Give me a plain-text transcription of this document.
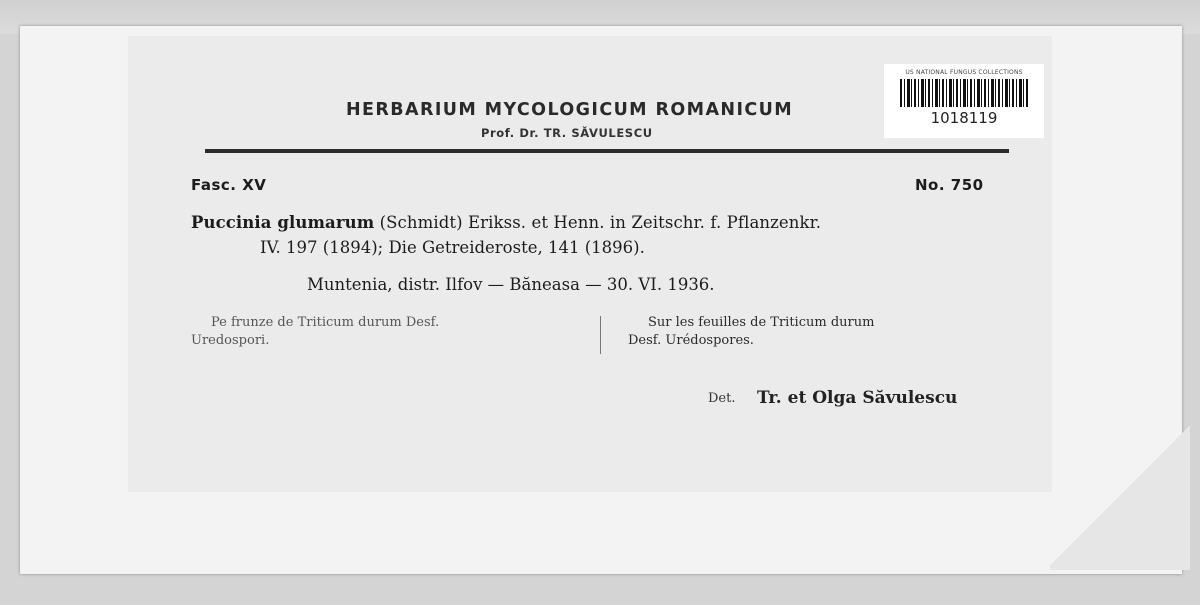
US NATIONAL FUNGUS COLLECTIONS
1018119

HERBARIUM MYCOLOGICUM ROMANICUM

Prof. Dr. TR. SĂVULESCU

Fasc. XV	No. 750

Puccinia glumarum (Schmidt) Erikss. et Henn. in Zeitschr. f. Pflanzenkr.

IV. 197 (1894); Die Getreideroste, 141 (1896).

Muntenia, distr. Ilfov — Băneasa — 30. VI. 1936.

Pe frunze de Triticum durum Desf.
Uredospori.
Sur les feuilles de Triticum durum
Desf. Urédospores.

Det. Tr. et Olga Săvulescu
